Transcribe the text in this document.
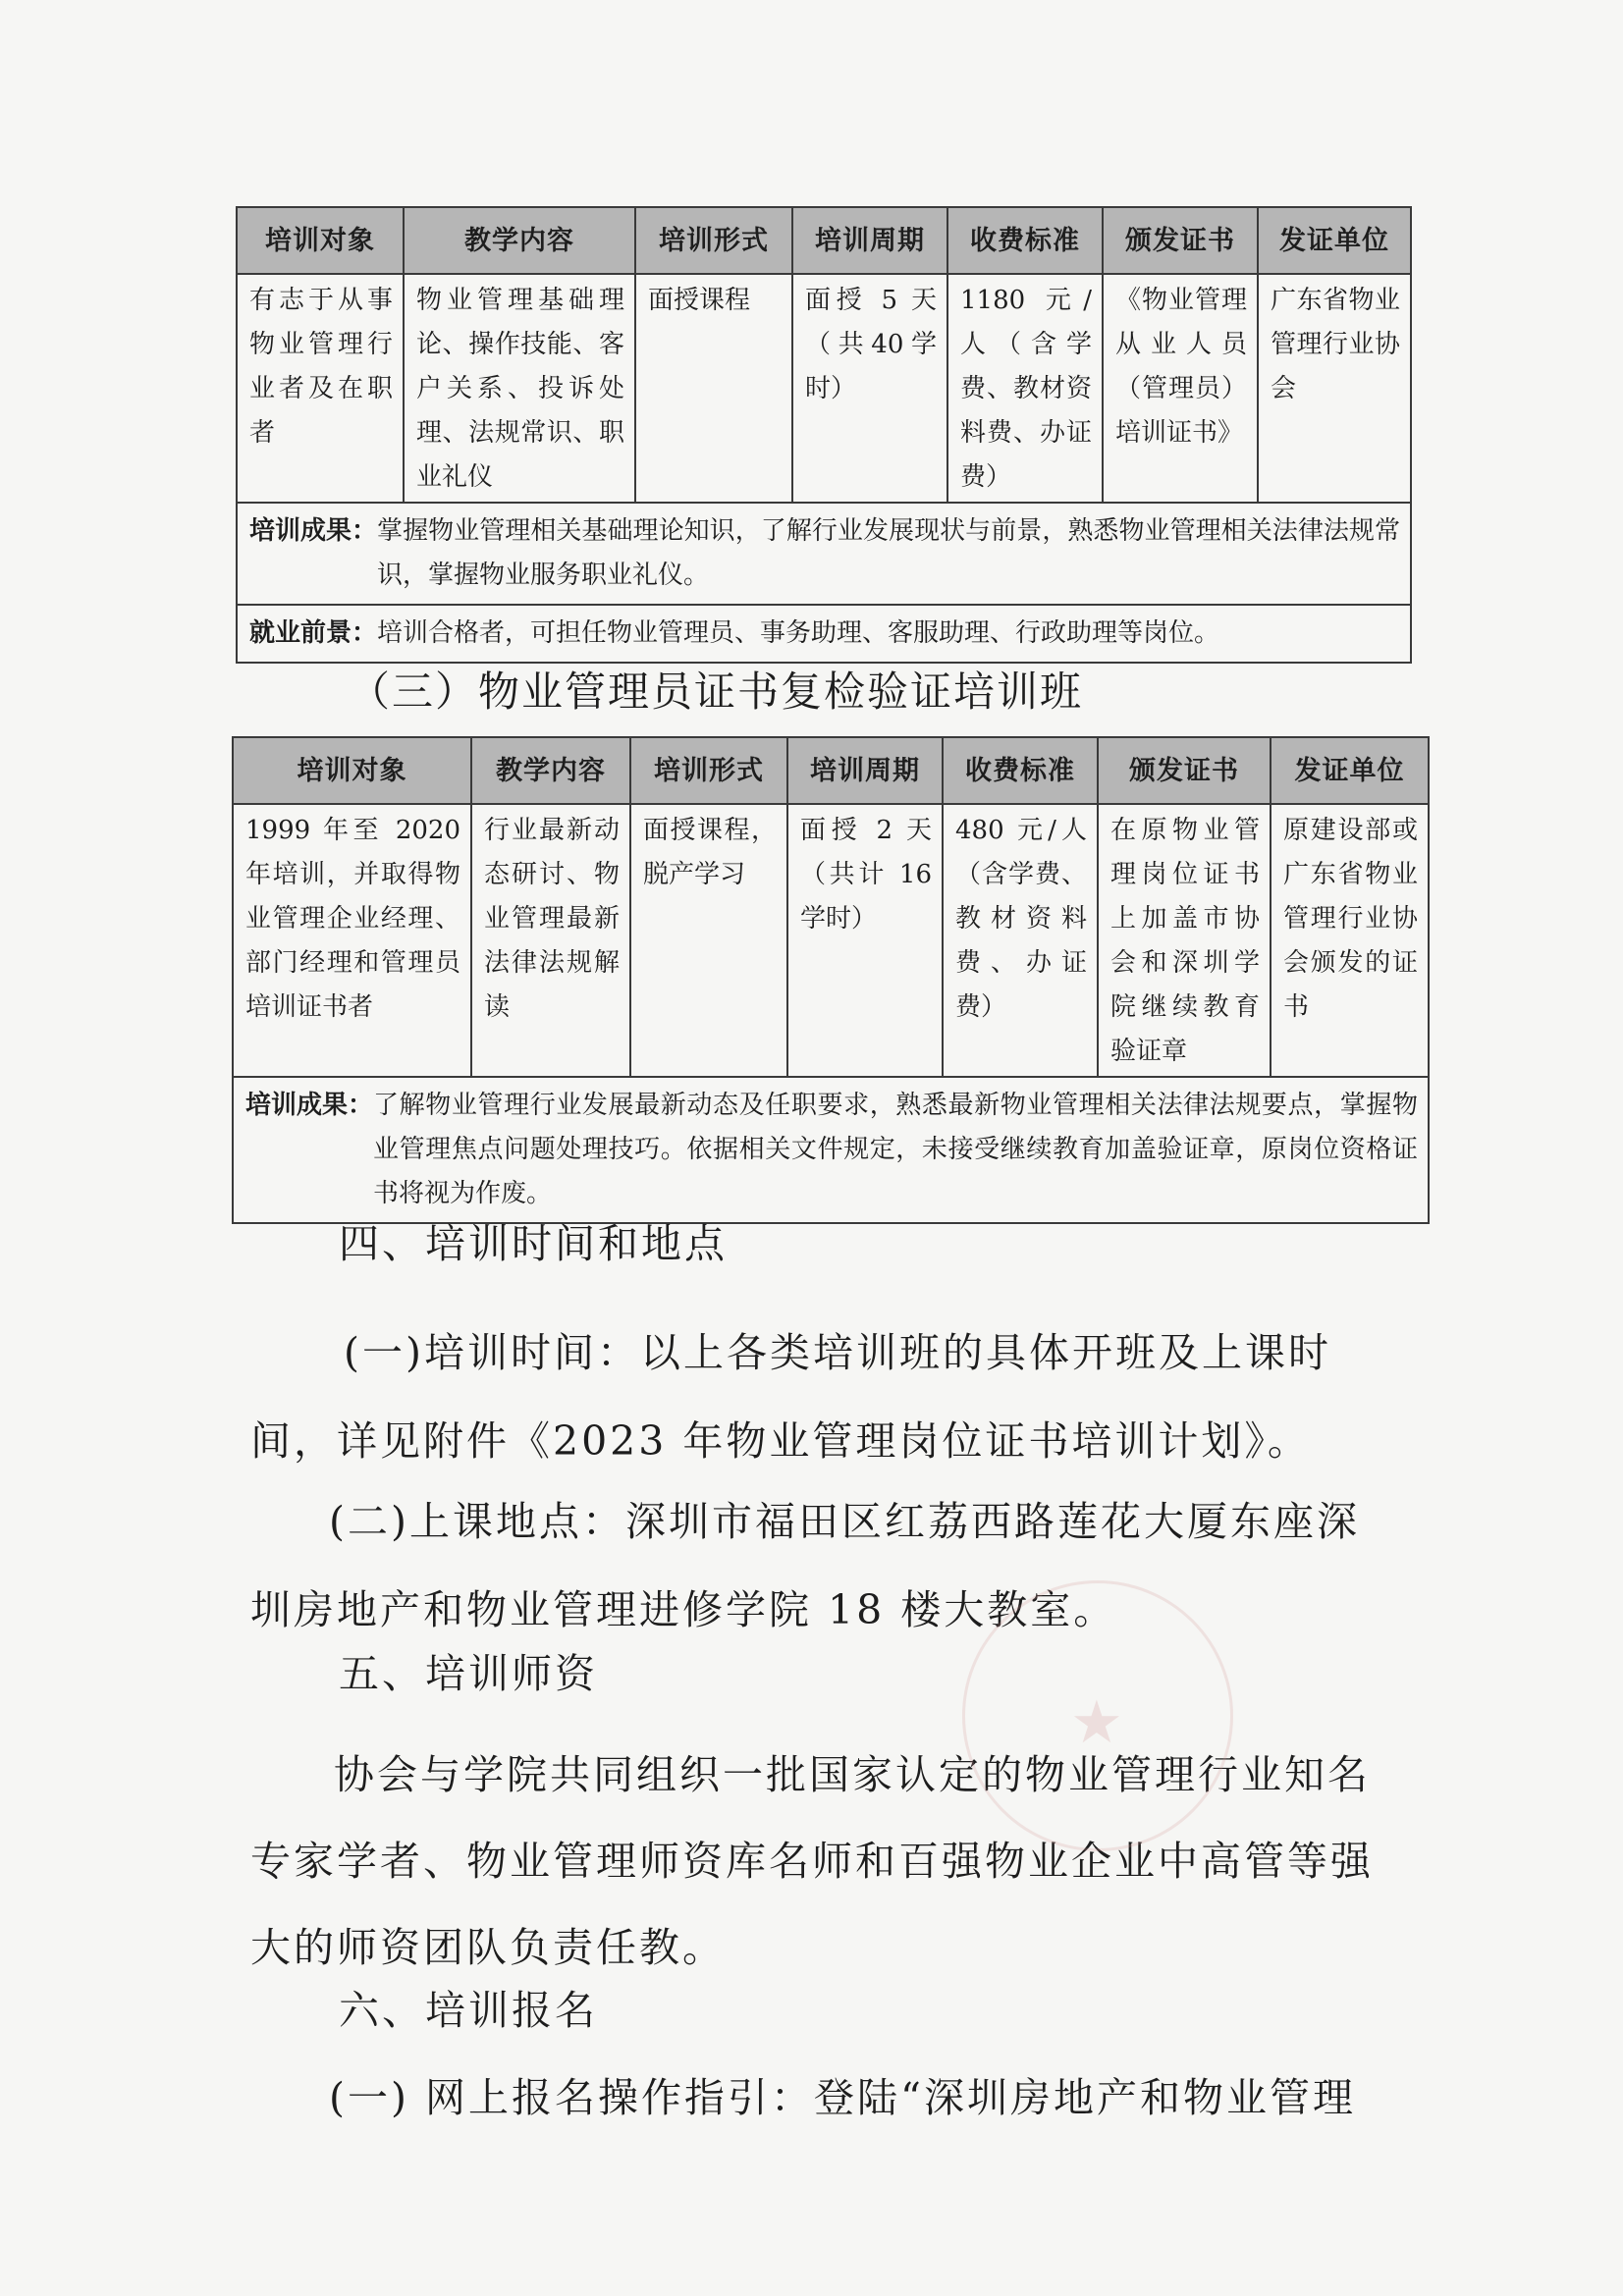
培训对象	教学内容	培训形式	培训周期	收费标准	颁发证书	发证单位
有志于从事物业管理行业者及在职者	物业管理基础理论、操作技能、客户关系、投诉处理、法规常识、职业礼仪	面授课程	面授 5 天（共40学时）	1180 元/人（含学费、教材资料费、办证费）	《物业管理从业人员（管理员）培训证书》	广东省物业管理行业协会

培训成果： 掌握物业管理相关基础理论知识，了解行业发展现状与前景，熟悉物业管理相关法律法规常识，掌握物业服务职业礼仪。						

就业前景： 培训合格者，可担任物业管理员、事务助理、客服助理、行政助理等岗位。						
（三）物业管理员证书复检验证培训班
培训对象	教学内容	培训形式	培训周期	收费标准	颁发证书	发证单位
1999 年至 2020 年培训，并取得物业管理企业经理、部门经理和管理员培训证书者	行业最新动态研讨、物业管理最新法律法规解读	面授课程，脱产学习	面授 2 天（共计 16 学时）	480 元/人（含学费、教材资料费、办证费）	在原物业管理岗位证书上加盖市协会和深圳学院继续教育验证章	原建设部或广东省物业管理行业协会颁发的证书

培训成果： 了解物业管理行业发展最新动态及任职要求，熟悉最新物业管理相关法律法规要点，掌握物业管理焦点问题处理技巧。依据相关文件规定，未接受继续教育加盖验证章，原岗位资格证书将视为作废。						
四、培训时间和地点
(一)培训时间：以上各类培训班的具体开班及上课时间，详见附件《2023 年物业管理岗位证书培训计划》。
(二)上课地点：深圳市福田区红荔西路莲花大厦东座深圳房地产和物业管理进修学院 18 楼大教室。
五、培训师资
协会与学院共同组织一批国家认定的物业管理行业知名专家学者、物业管理师资库名师和百强物业企业中高管等强大的师资团队负责任教。
六、培训报名
(一) 网上报名操作指引：登陆“深圳房地产和物业管理
★
